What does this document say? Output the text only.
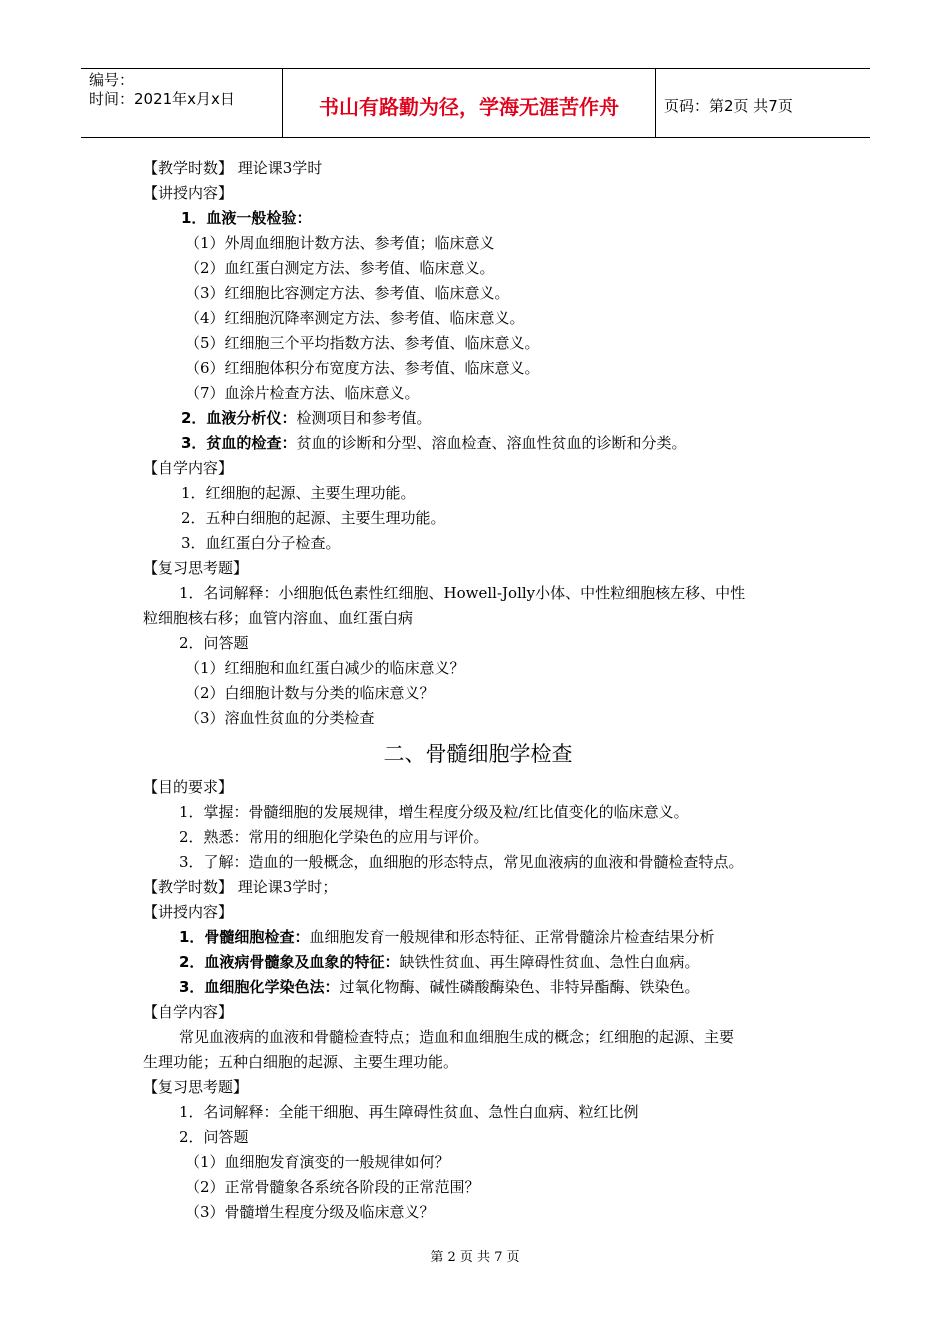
编号：
时间：2021年x月x日	书山有路勤为径，学海无涯苦作舟	页码：第2页 共7页

【教学时数】 理论课3学时

【讲授内容】

1．血液一般检验：

（1）外周血细胞计数方法、参考值；临床意义

（2）血红蛋白测定方法、参考值、临床意义。

（3）红细胞比容测定方法、参考值、临床意义。

（4）红细胞沉降率测定方法、参考值、临床意义。

（5）红细胞三个平均指数方法、参考值、临床意义。

（6）红细胞体积分布宽度方法、参考值、临床意义。

（7）血涂片检查方法、临床意义。

2．血液分析仪：检测项目和参考值。

3．贫血的检查：贫血的诊断和分型、溶血检查、溶血性贫血的诊断和分类。

【自学内容】

1．红细胞的起源、主要生理功能。

2．五种白细胞的起源、主要生理功能。

3．血红蛋白分子检查。

【复习思考题】

1．名词解释：小细胞低色素性红细胞、Howell-Jolly小体、中性粒细胞核左移、中性

粒细胞核右移；血管内溶血、血红蛋白病

2．问答题

（1）红细胞和血红蛋白减少的临床意义？

（2）白细胞计数与分类的临床意义？

（3）溶血性贫血的分类检查

二、骨髓细胞学检查

【目的要求】

1．掌握：骨髓细胞的发展规律，增生程度分级及粒/红比值变化的临床意义。

2．熟悉：常用的细胞化学染色的应用与评价。

3．了解：造血的一般概念，血细胞的形态特点，常见血液病的血液和骨髓检查特点。

【教学时数】 理论课3学时；

【讲授内容】

1．骨髓细胞检查：血细胞发育一般规律和形态特征、正常骨髓涂片检查结果分析

2．血液病骨髓象及血象的特征：缺铁性贫血、再生障碍性贫血、急性白血病。

3．血细胞化学染色法：过氧化物酶、碱性磷酸酶染色、非特异酯酶、铁染色。

【自学内容】

常见血液病的血液和骨髓检查特点；造血和血细胞生成的概念；红细胞的起源、主要

生理功能；五种白细胞的起源、主要生理功能。

【复习思考题】

1．名词解释：全能干细胞、再生障碍性贫血、急性白血病、粒红比例

2．问答题

（1）血细胞发育演变的一般规律如何？

（2）正常骨髓象各系统各阶段的正常范围？

（3）骨髓增生程度分级及临床意义？

第 2 页 共 7 页
